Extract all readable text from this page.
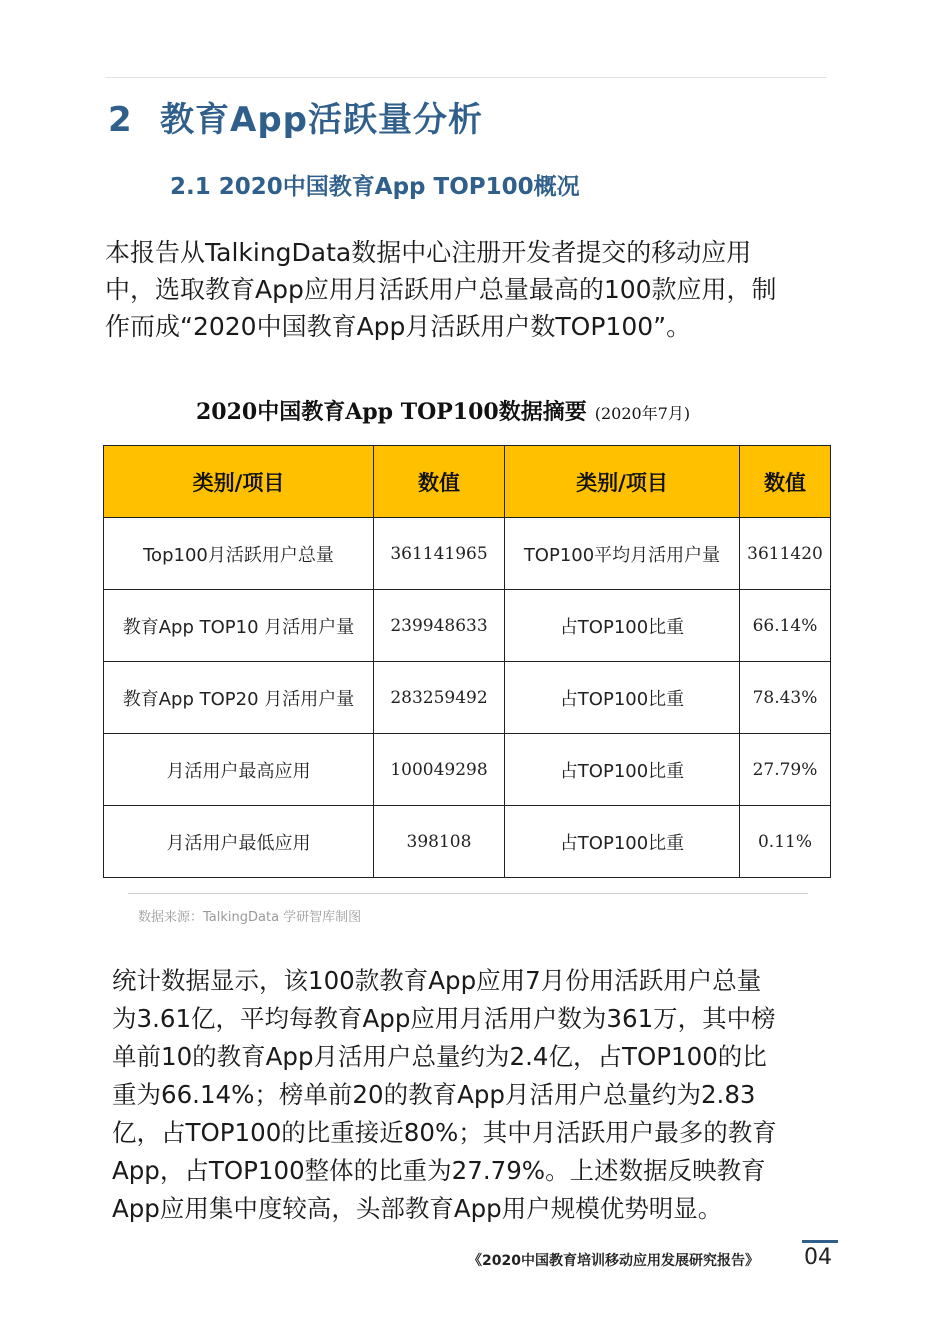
2 教育App活跃量分析
2.1 2020中国教育App TOP100概况

本报告从TalkingData数据中心注册开发者提交的移动应用
中，选取教育App应用月活跃用户总量最高的100款应用，制
作而成“2020中国教育App月活跃用户数TOP100”。

2020中国教育App TOP100数据摘要 (2020年7月)
类别/项目	数值	类别/项目	数值
Top100月活跃用户总量	361141965	TOP100平均月活用户量	3611420
教育App TOP10 月活用户量	239948633	占TOP100比重	66.14%
教育App TOP20 月活用户量	283259492	占TOP100比重	78.43%
月活用户最高应用	100049298	占TOP100比重	27.79%
月活用户最低应用	398108	占TOP100比重	0.11%
数据来源：TalkingData 学研智库制图

统计数据显示，该100款教育App应用7月份用活跃用户总量
为3.61亿，平均每教育App应用月活用户数为361万，其中榜
单前10的教育App月活用户总量约为2.4亿，占TOP100的比
重为66.14%；榜单前20的教育App月活用户总量约为2.83
亿，占TOP100的比重接近80%；其中月活跃用户最多的教育
App，占TOP100整体的比重为27.79%。上述数据反映教育
App应用集中度较高，头部教育App用户规模优势明显。

《2020中国教育培训移动应用发展研究报告》 04
